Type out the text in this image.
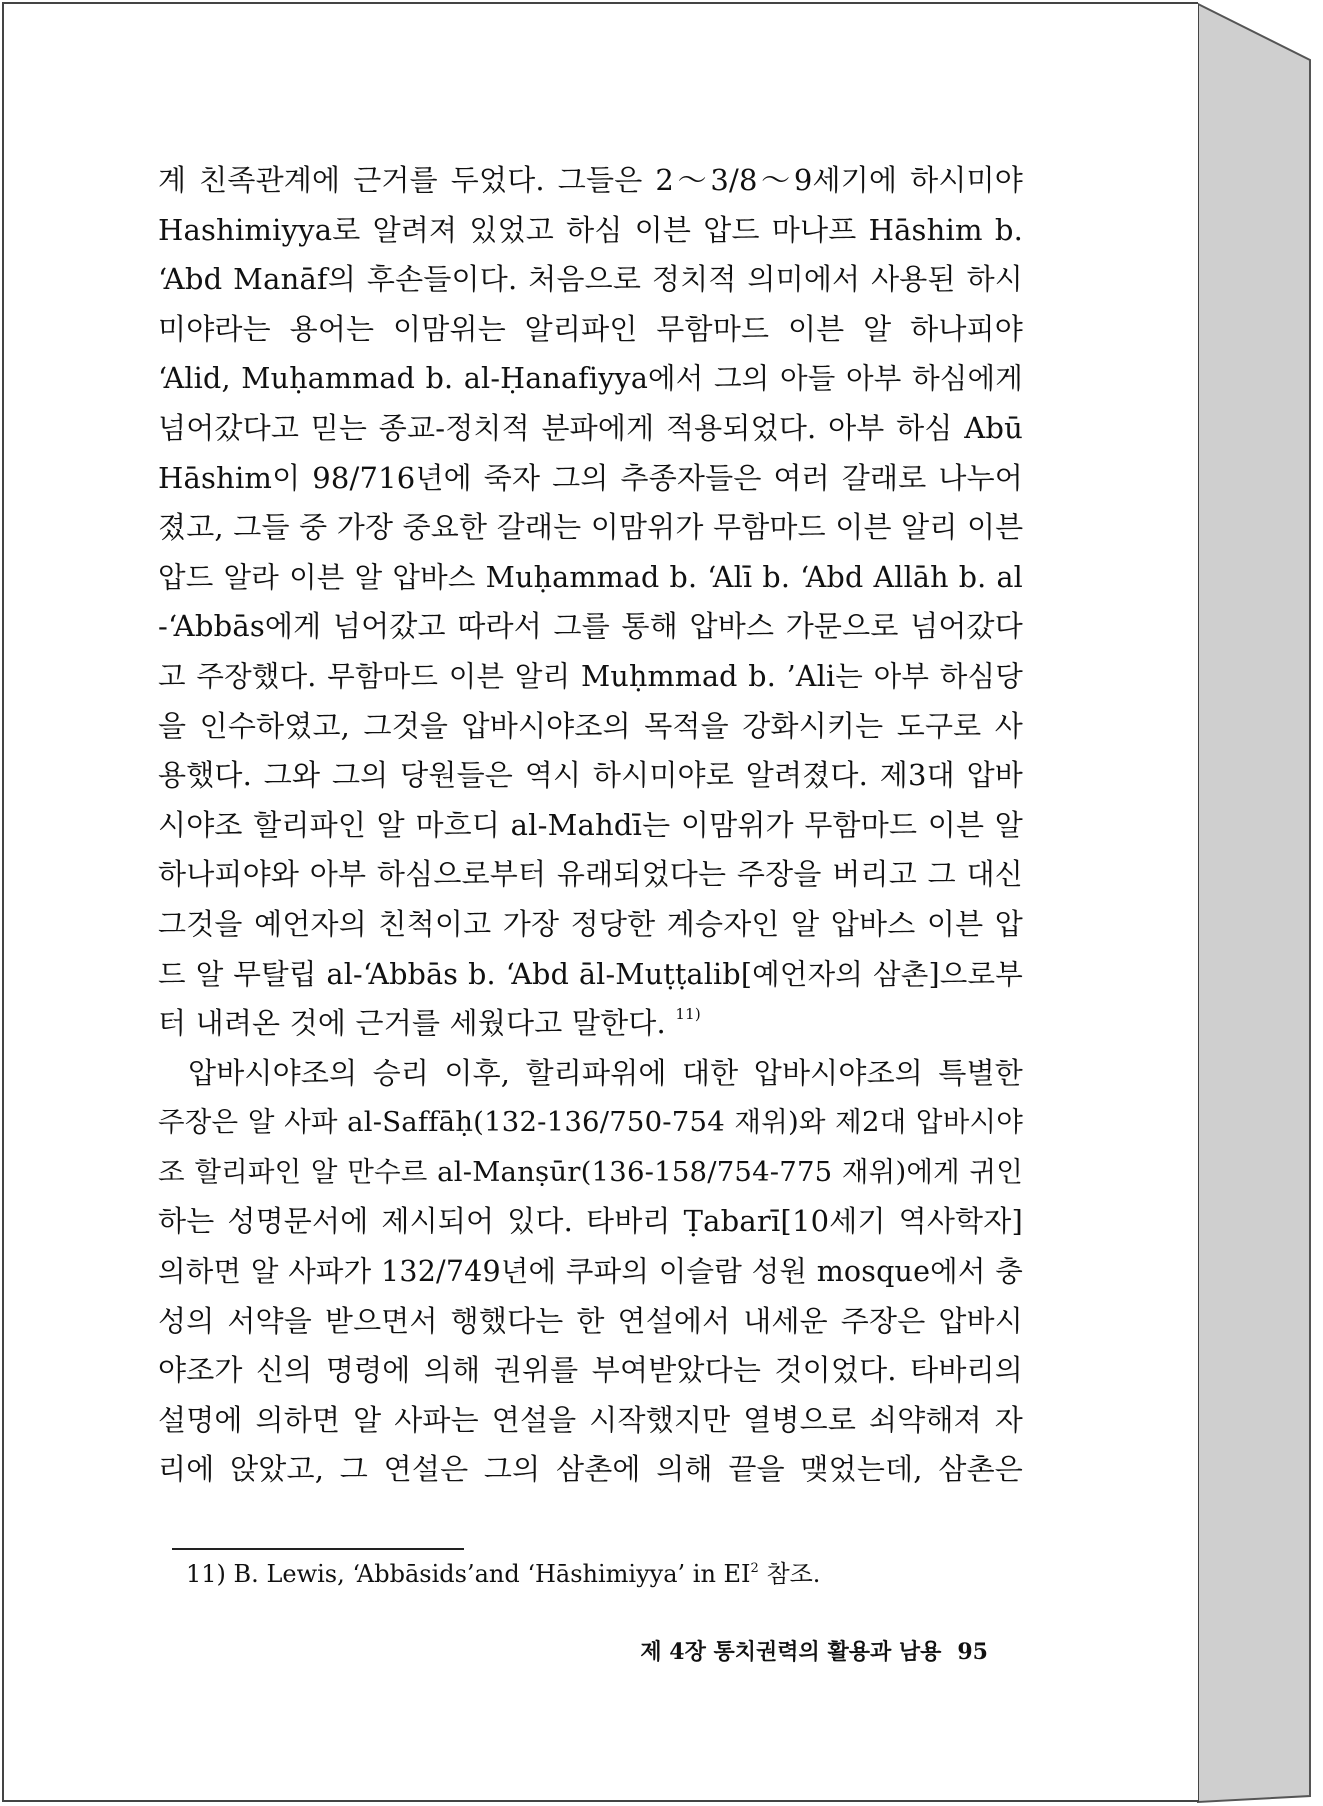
계 친족관계에 근거를 두었다. 그들은 2～3/8～9세기에 하시미야
Hashimiyya로 알려져 있었고 하심 이븐 압드 마나프 Hāshim b.
‘Abd Manāf의 후손들이다. 처음으로 정치적 의미에서 사용된 하시
미야라는 용어는 이맘위는 알리파인 무함마드 이븐 알 하나피야
‘Alid, Muḥammad b. al-Ḥanafiyya에서 그의 아들 아부 하심에게
넘어갔다고 믿는 종교-정치적 분파에게 적용되었다. 아부 하심 Abū
Hāshim이 98/716년에 죽자 그의 추종자들은 여러 갈래로 나누어
졌고, 그들 중 가장 중요한 갈래는 이맘위가 무함마드 이븐 알리 이븐
압드 알라 이븐 알 압바스 Muḥammad b. ‘Alī b. ‘Abd Allāh b. al
-‘Abbās에게 넘어갔고 따라서 그를 통해 압바스 가문으로 넘어갔다
고 주장했다. 무함마드 이븐 알리 Muḥmmad b. ’Ali는 아부 하심당
을 인수하였고, 그것을 압바시야조의 목적을 강화시키는 도구로 사
용했다. 그와 그의 당원들은 역시 하시미야로 알려졌다. 제3대 압바
시야조 할리파인 알 마흐디 al-Mahdī는 이맘위가 무함마드 이븐 알
하나피야와 아부 하심으로부터 유래되었다는 주장을 버리고 그 대신
그것을 예언자의 친척이고 가장 정당한 계승자인 알 압바스 이븐 압
드 알 무탈립 al-‘Abbās b. ‘Abd āl-Muṭṭalib[예언자의 삼촌]으로부
터 내려온 것에 근거를 세웠다고 말한다. $^{11)}$
압바시야조의 승리 이후, 할리파위에 대한 압바시야조의 특별한
주장은 알 사파 al-Saffāḥ(132-136/750-754 재위)와 제2대 압바시야
조 할리파인 알 만수르 al-Manṣūr(136-158/754-775 재위)에게 귀인
하는 성명문서에 제시되어 있다. 타바리 Ṭabarī[10세기 역사학자]
의하면 알 사파가 132/749년에 쿠파의 이슬람 성원 mosque에서 충
성의 서약을 받으면서 행했다는 한 연설에서 내세운 주장은 압바시
야조가 신의 명령에 의해 권위를 부여받았다는 것이었다. 타바리의
설명에 의하면 알 사파는 연설을 시작했지만 열병으로 쇠약해져 자
리에 앉았고, 그 연설은 그의 삼촌에 의해 끝을 맺었는데, 삼촌은
11) B. Lewis, ‘Abbāsids’and ‘Hāshimiyya’ in $EI^2$ 참조.
제 4장 통치권력의 활용과 남용 95
